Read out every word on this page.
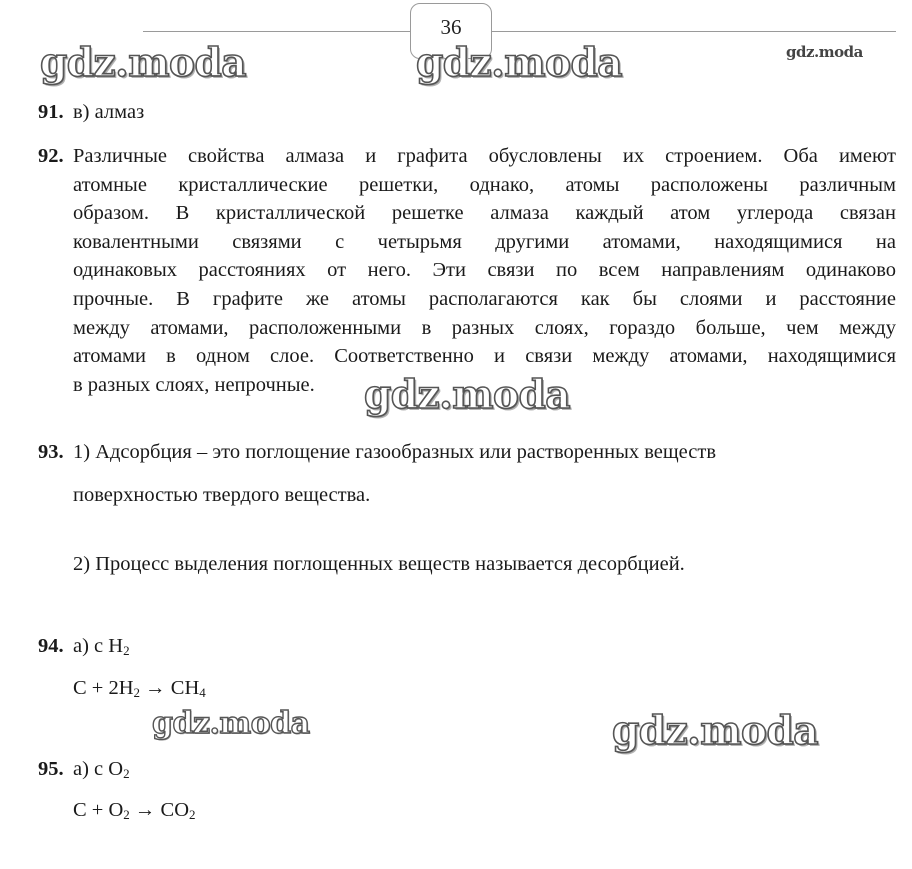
36
gdz.moda	gdz.moda	gdz.moda
gdz.moda
gdz.moda	gdz.moda
91. в) алмаз
92. Различные свойства алмаза и графита обусловлены их строением. Оба имеют
атомные кристаллические решетки, однако, атомы расположены различным
образом. В кристаллической решетке алмаза каждый атом углерода связан
ковалентными связями с четырьмя другими атомами, находящимися на
одинаковых расстояниях от него. Эти связи по всем направлениям одинаково
прочные. В графите же атомы располагаются как бы слоями и расстояние
между атомами, расположенными в разных слоях, гораздо больше, чем между
атомами в одном слое. Соответственно и связи между атомами, находящимися
в разных слоях, непрочные.
93. 1) Адсорбция – это поглощение газообразных или растворенных веществ
поверхностью твердого вещества.
2) Процесс выделения поглощенных веществ называется десорбцией.
94. а) с $H_2$
$C + 2H_2 \to CH_4$
95. а) с $O_2$
$C + O_2 \to CO_2$
